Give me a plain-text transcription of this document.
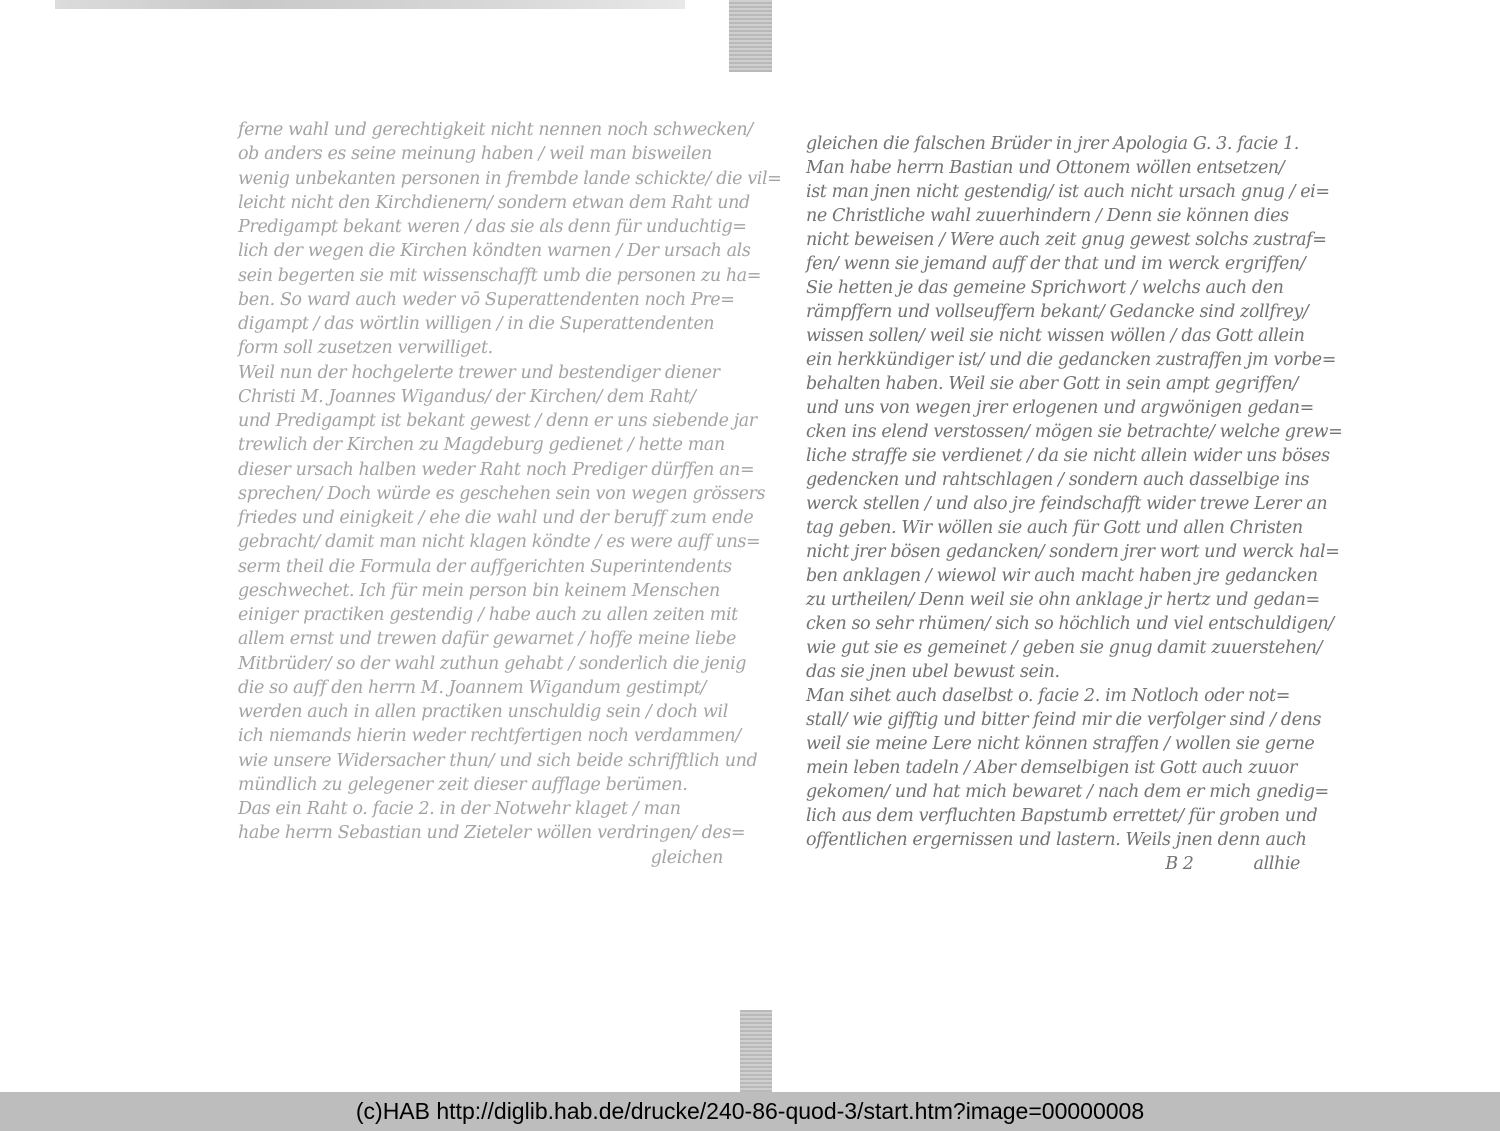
ferne wahl und gerechtigkeit nicht nennen noch schwecken/
ob anders es seine meinung haben / weil man bisweilen
wenig unbekanten personen in frembde lande schickte/ die vil=
leicht nicht den Kirchdienern/ sondern etwan dem Raht und
Predigampt bekant weren / das sie als denn für unduchtig=
lich der wegen die Kirchen köndten warnen / Der ursach als
sein begerten sie mit wissenschafft umb die personen zu ha=
ben. So ward auch weder vō Superattendenten noch Pre=
digampt / das wörtlin willigen / in die Superattendenten
form soll zusetzen verwilliget.
Weil nun der hochgelerte trewer und bestendiger diener
Christi M. Joannes Wigandus/ der Kirchen/ dem Raht/
und Predigampt ist bekant gewest / denn er uns siebende jar
trewlich der Kirchen zu Magdeburg gedienet / hette man
dieser ursach halben weder Raht noch Prediger dürffen an=
sprechen/ Doch würde es geschehen sein von wegen grössers
friedes und einigkeit / ehe die wahl und der beruff zum ende
gebracht/ damit man nicht klagen köndte / es were auff uns=
serm theil die Formula der auffgerichten Superintendents
geschwechet. Ich für mein person bin keinem Menschen
einiger practiken gestendig / habe auch zu allen zeiten mit
allem ernst und trewen dafür gewarnet / hoffe meine liebe
Mitbrüder/ so der wahl zuthun gehabt / sonderlich die jenig
die so auff den herrn M. Joannem Wigandum gestimpt/
werden auch in allen practiken unschuldig sein / doch wil
ich niemands hierin weder rechtfertigen noch verdammen/
wie unsere Widersacher thun/ und sich beide schrifftlich und
mündlich zu gelegener zeit dieser aufflage berümen.
Das ein Raht o. facie 2. in der Notwehr klaget / man
habe herrn Sebastian und Zieteler wöllen verdringen/ des=
gleichen
gleichen die falschen Brüder in jrer Apologia G. 3. facie 1.
Man habe herrn Bastian und Ottonem wöllen entsetzen/
ist man jnen nicht gestendig/ ist auch nicht ursach gnug / ei=
ne Christliche wahl zuuerhindern / Denn sie können dies
nicht beweisen / Were auch zeit gnug gewest solchs zustraf=
fen/ wenn sie jemand auff der that und im werck ergriffen/
Sie hetten je das gemeine Sprichwort / welchs auch den
rämpffern und vollseuffern bekant/ Gedancke sind zollfrey/
wissen sollen/ weil sie nicht wissen wöllen / das Gott allein
ein herkkündiger ist/ und die gedancken zustraffen jm vorbe=
behalten haben. Weil sie aber Gott in sein ampt gegriffen/
und uns von wegen jrer erlogenen und argwönigen gedan=
cken ins elend verstossen/ mögen sie betrachte/ welche grew=
liche straffe sie verdienet / da sie nicht allein wider uns böses
gedencken und rahtschlagen / sondern auch dasselbige ins
werck stellen / und also jre feindschafft wider trewe Lerer an
tag geben. Wir wöllen sie auch für Gott und allen Christen
nicht jrer bösen gedancken/ sondern jrer wort und werck hal=
ben anklagen / wiewol wir auch macht haben jre gedancken
zu urtheilen/ Denn weil sie ohn anklage jr hertz und gedan=
cken so sehr rhümen/ sich so höchlich und viel entschuldigen/
wie gut sie es gemeinet / geben sie gnug damit zuuerstehen/
das sie jnen ubel bewust sein.
Man sihet auch daselbst o. facie 2. im Notloch oder not=
stall/ wie gifftig und bitter feind mir die verfolger sind / dens
weil sie meine Lere nicht können straffen / wollen sie gerne
mein leben tadeln / Aber demselbigen ist Gott auch zuuor
gekomen/ und hat mich bewaret / nach dem er mich gnedig=
lich aus dem verfluchten Bapstumb errettet/ für groben und
offentlichen ergernissen und lastern. Weils jnen denn auch
B 2	allhie
(c)HAB http://diglib.hab.de/drucke/240-86-quod-3/start.htm?image=00000008
